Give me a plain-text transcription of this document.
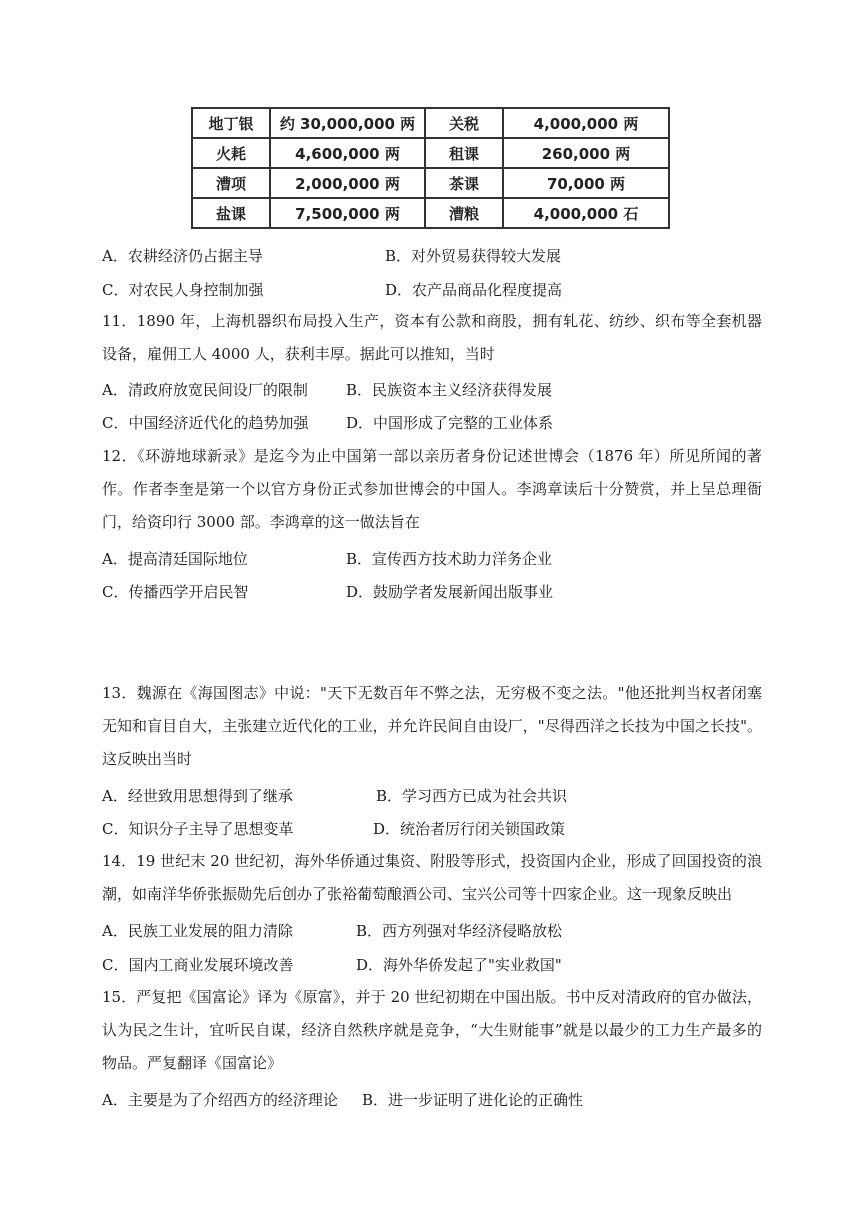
地丁银	约 30,000,000 两	关税	4,000,000 两
火耗	4,600,000 两	租课	260,000 两
漕项	2,000,000 两	茶课	70,000 两
盐课	7,500,000 两	漕粮	4,000,000 石
A．农耕经济仍占据主导	B．对外贸易获得较大发展
C．对农民人身控制加强	D．农产品商品化程度提高
11．1890 年，上海机器织布局投入生产，资本有公款和商股，拥有轧花、纺纱、织布等全套机器设备，雇佣工人 4000 人，获利丰厚。据此可以推知，当时
A．清政府放宽民间设厂的限制	B．民族资本主义经济获得发展
C．中国经济近代化的趋势加强	D．中国形成了完整的工业体系
12．《环游地球新录》是迄今为止中国第一部以亲历者身份记述世博会（1876 年）所见所闻的著作。作者李奎是第一个以官方身份正式参加世博会的中国人。李鸿章读后十分赞赏，并上呈总理衙门，给资印行 3000 部。李鸿章的这一做法旨在
A．提高清廷国际地位	B．宣传西方技术助力洋务企业
C．传播西学开启民智	D．鼓励学者发展新闻出版事业
13．魏源在《海国图志》中说："天下无数百年不弊之法，无穷极不变之法。"他还批判当权者闭塞无知和盲目自大，主张建立近代化的工业，并允许民间自由设厂，"尽得西洋之长技为中国之长技"。这反映出当时
A．经世致用思想得到了继承	B．学习西方已成为社会共识
C．知识分子主导了思想变革	D．统治者厉行闭关锁国政策
14．19 世纪末 20 世纪初，海外华侨通过集资、附股等形式，投资国内企业，形成了回国投资的浪潮，如南洋华侨张振勋先后创办了张裕葡萄酿酒公司、宝兴公司等十四家企业。这一现象反映出
A．民族工业发展的阻力清除	B．西方列强对华经济侵略放松
C．国内工商业发展环境改善	D．海外华侨发起了"实业救国"
15．严复把《国富论》译为《原富》，并于 20 世纪初期在中国出版。书中反对清政府的官办做法，认为民之生计，宜听民自谋，经济自然秩序就是竞争，“大生财能事”就是以最少的工力生产最多的物品。严复翻译《国富论》
A．主要是为了介绍西方的经济理论 B．进一步证明了进化论的正确性
